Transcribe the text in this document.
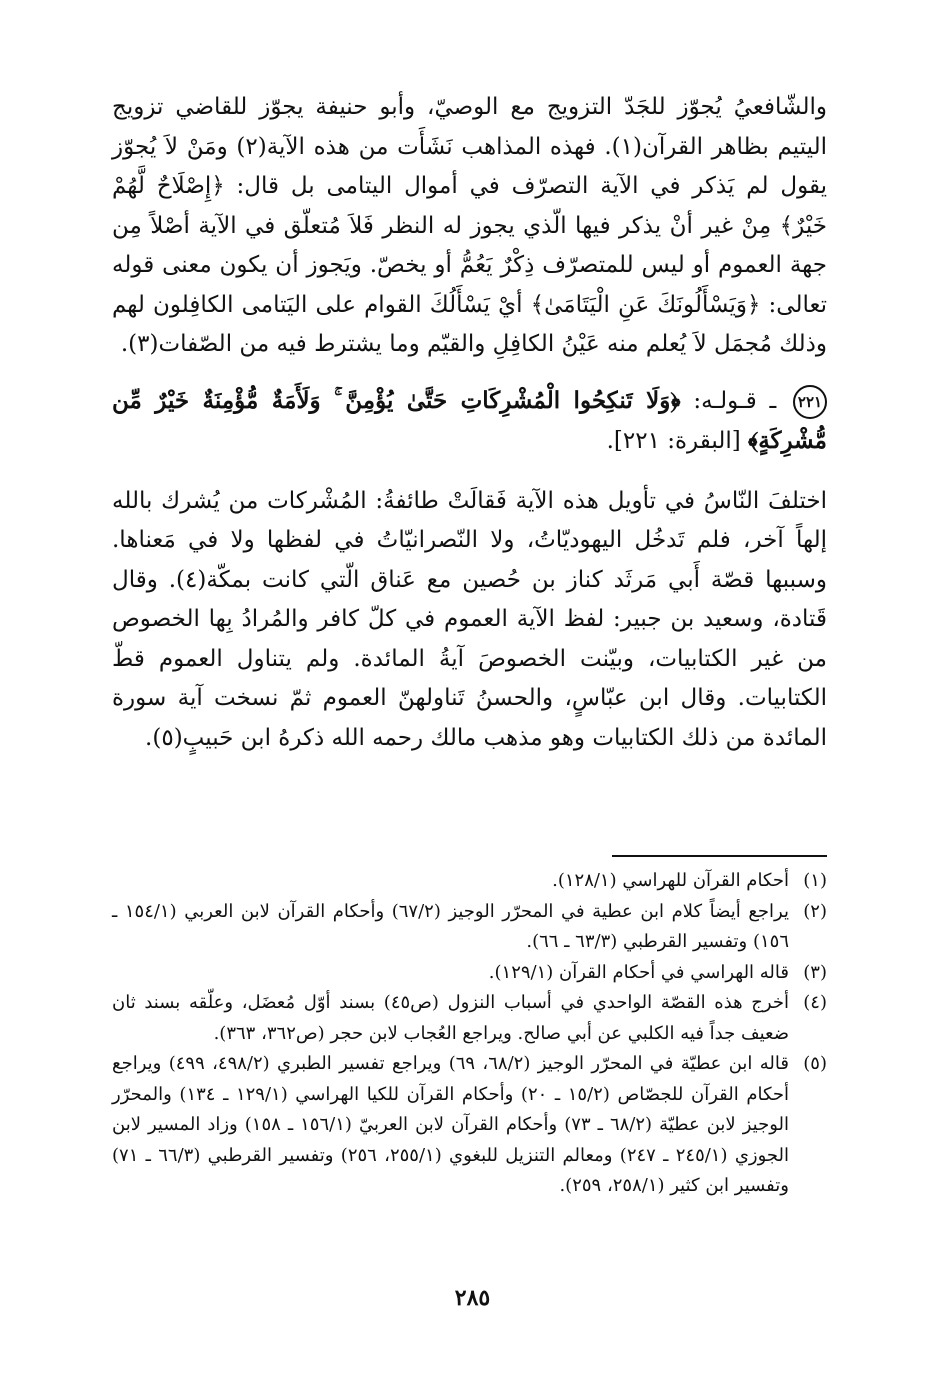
والشّافعيُ يُجوّز للجَدّ التزويج مع الوصيّ، وأبو حنيفة يجوّز للقاضي تزويج اليتيم بظاهر القرآن(١). فهذه المذاهب نَشَأَت من هذه الآية(٢) ومَنْ لاَ يُجوّز يقول لم يَذكر في الآية التصرّف في أموال اليتامى بل قال: ﴿إِصْلَاحٌ لَّهُمْ خَيْرٌ﴾ مِنْ غير أنْ يذكر فيها الّذي يجوز له النظر فَلاَ مُتعلّق في الآية أصْلاً مِن جهة العموم أو ليس للمتصرّف ذِكْرٌ يَعُمُّ أو يخصّ. ويَجوز أن يكون معنى قوله تعالى: ﴿وَيَسْأَلُونَكَ عَنِ الْيَتَامَىٰ﴾ أيْ يَسْأَلُكَ القوام على اليَتامى الكافِلون لهم وذلك مُجمَل لاَ يُعلم منه عَيْنُ الكافِلِ والقيّم وما يشترط فيه من الصّفات(٣).

٢٢١ ـ قـولـه: ﴿وَلَا تَنكِحُوا الْمُشْرِكَاتِ حَتَّىٰ يُؤْمِنَّ ۚ وَلَأَمَةٌ مُّؤْمِنَةٌ خَيْرٌ مِّن مُّشْرِكَةٍ﴾ [البقرة: ٢٢١].

اختلفَ النّاسُ في تأويل هذه الآية فَقالَتْ طائفةُ: المُشْركات من يُشرك بالله إلهاً آخر، فلم تَدخُل اليهوديّاتُ، ولا النّصرانيّاتُ في لفظها ولا في مَعناها. وسببها قصّة أَبي مَرثَد كناز بن حُصين مع عَناق الّتي كانت بمكّة(٤). وقال قَتادة، وسعيد بن جبير: لفظ الآية العموم في كلّ كافر والمُرادُ بِها الخصوص من غير الكتابيات، وبيّنت الخصوصَ آيةُ المائدة. ولم يتناول العموم قطّ الكتابيات. وقال ابن عبّاسٍ، والحسنُ تَناولهنّ العموم ثمّ نسخت آية سورة المائدة من ذلك الكتابيات وهو مذهب مالك رحمه الله ذكرهُ ابن حَبيبٍ(٥).

(١)
أحكام القرآن للهراسي (١٢٨/١).
(٢)
يراجع أيضاً كلام ابن عطية في المحرّر الوجيز (٦٧/٢) وأحكام القرآن لابن العربي (١٥٤/١ ـ ١٥٦) وتفسير القرطبي (٦٣/٣ ـ ٦٦).
(٣)
قاله الهراسي في أحكام القرآن (١٢٩/١).
(٤)
أخرج هذه القصّة الواحدي في أسباب النزول (ص٤٥) بسند أوّل مُعضَل، وعلّقه بسند ثان ضعيف جداً فيه الكلبي عن أبي صالح. ويراجع العُجاب لابن حجر (ص٣٦٢، ٣٦٣).
(٥)
قاله ابن عطيّة في المحرّر الوجيز (٦٨/٢، ٦٩) ويراجع تفسير الطبري (٤٩٨/٢، ٤٩٩) ويراجع أحكام القرآن للجصّاص (١٥/٢ ـ ٢٠) وأحكام القرآن للكيا الهراسي (١٢٩/١ ـ ١٣٤) والمحرّر الوجيز لابن عطيّة (٦٨/٢ ـ ٧٣) وأحكام القرآن لابن العربيّ (١٥٦/١ ـ ١٥٨) وزاد المسير لابن الجوزي (٢٤٥/١ ـ ٢٤٧) ومعالم التنزيل للبغوي (٢٥٥/١، ٢٥٦) وتفسير القرطبي (٦٦/٣ ـ ٧١) وتفسير ابن كثير (٢٥٨/١، ٢٥٩).
٢٨٥
